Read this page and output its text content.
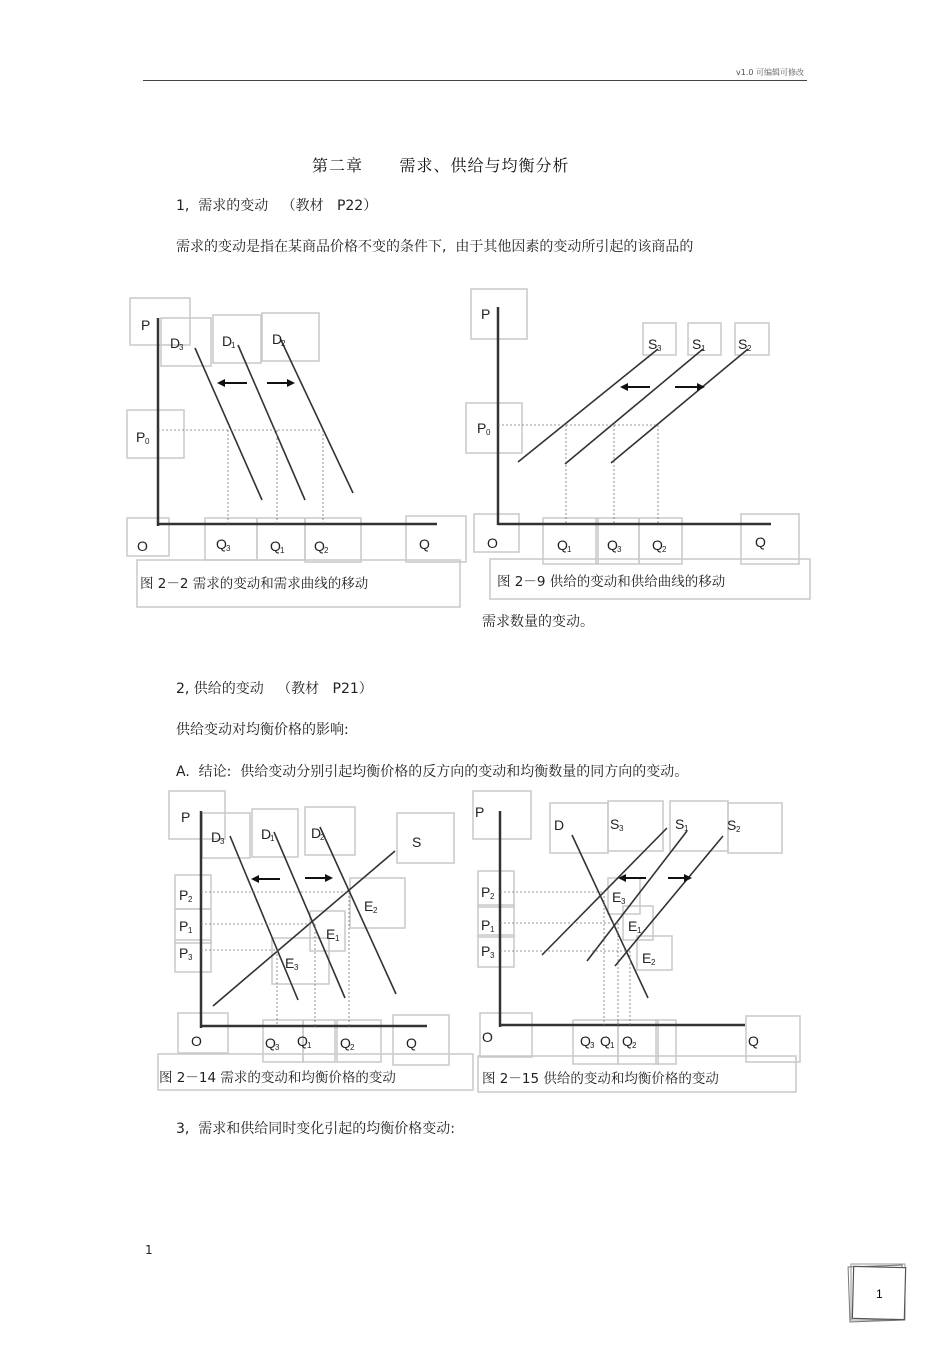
v1.0 可编辑可修改
第二章      需求、供给与均衡分析
1,  需求的变动   （教材   P22）
需求的变动是指在某商品价格不变的条件下,  由于其他因素的变动所引起的该商品的
P
D
3	D
1	D
2
P 0
O	Q 3	Q 1 Q 2	Q
图 2－2 需求的变动和需求曲线的移动
P
S 3 S 1 S 2
P 0
O	Q 1	Q 3 Q 2	Q
图 2－9 供给的变动和供给曲线的移动
需求数量的变动。
2, 供给的变动   （教材   P21）
供给变动对均衡价格的影响:
A.  结论:  供给变动分别引起均衡价格的反方向的变动和均衡数量的同方向的变动。
P
D
3	D
1	D
2	S
P 2
P 1
P 3
E 2
E 1
E 3
O	Q 3 Q 1 Q 2	Q
图 2－14 需求的变动和均衡价格的变动
P
D	S 3	S 1	S 2
P 2
P 1
P 3
E 3
E 1
E 2
O	Q 3 Q 1 Q 2	Q
图 2－15 供给的变动和均衡价格的变动
3,  需求和供给同时变化引起的均衡价格变动:
1
1
